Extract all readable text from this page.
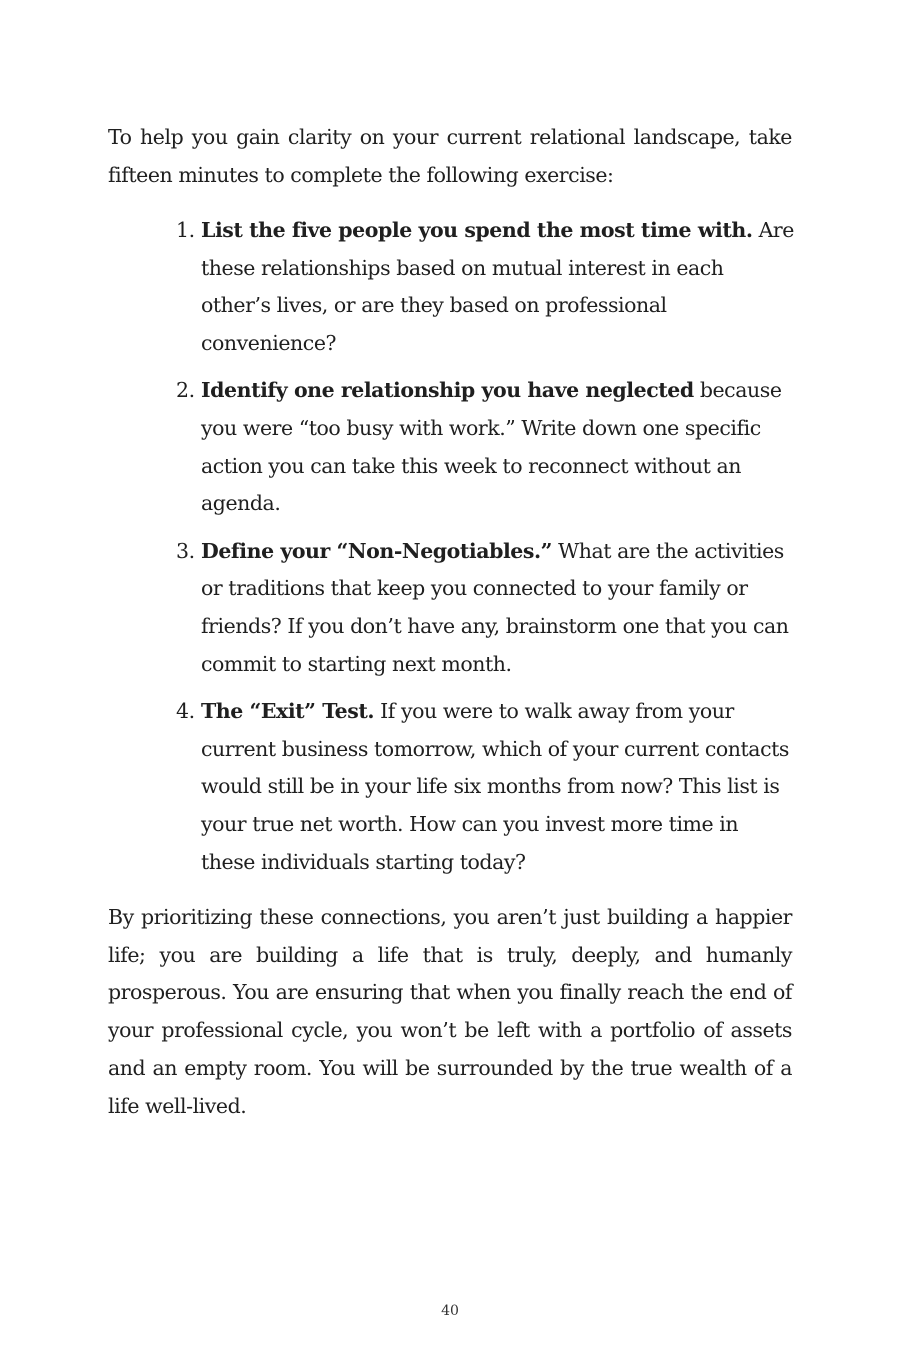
To help you gain clarity on your current relational landscape, take fifteen minutes to complete the following exercise:

1. List the five people you spend the most time with. Are these relationships based on mutual interest in each other’s lives, or are they based on professional convenience?
2. Identify one relationship you have neglected because you were “too busy with work.” Write down one specific action you can take this week to reconnect without an agenda.
3. Define your “Non-Negotiables.” What are the activities or traditions that keep you connected to your family or friends? If you don’t have any, brainstorm one that you can commit to starting next month.
4. The “Exit” Test. If you were to walk away from your current business tomorrow, which of your current contacts would still be in your life six months from now? This list is your true net worth. How can you invest more time in these individuals starting today?

By prioritizing these connections, you aren’t just building a happier life; you are building a life that is truly, deeply, and humanly prosperous. You are ensuring that when you finally reach the end of your professional cycle, you won’t be left with a portfolio of assets and an empty room. You will be surrounded by the true wealth of a life well-lived.

40
